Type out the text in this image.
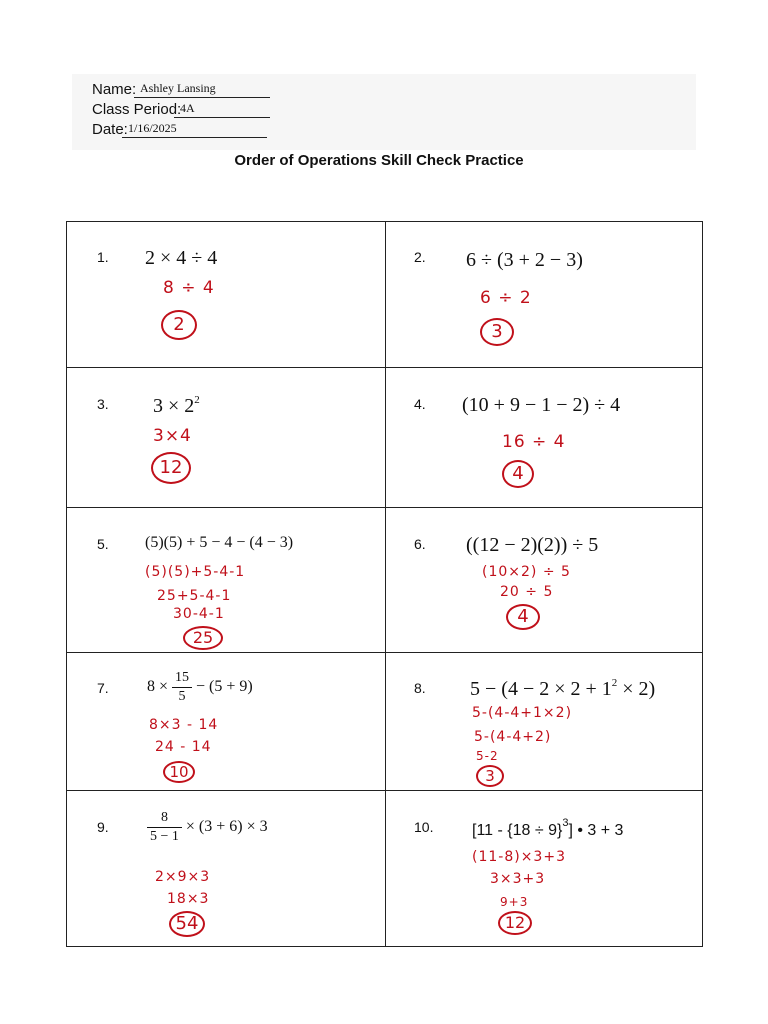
Name: Ashley Lansing
Class Period:
4A
Date: 1/16/2025
Order of Operations Skill Check Practice
1. 2 × 4 ÷ 4
8 ÷ 4
2
2. 6 ÷ (3 + 2 − 3)
6 ÷ 2
3
3. $3 \times 2^2$
3×4
12
4. (10 + 9 − 1 − 2) ÷ 4
16 ÷ 4
4
5. (5)(5) + 5 − 4 − (4 − 3)
(5)(5)+5-4-1
25+5-4-1
30-4-1
25
6. ((12 − 2)(2)) ÷ 5
(10×2) ÷ 5
20 ÷ 5
4
7. $8 \times \frac{15}{5} - (5 + 9)$
8×3 - 14
24 - 14
10
8. $5 - (4 - 2 \times 2 + 1^2 \times 2)$
5-(4-4+1×2)
5-(4-4+2)
5-2
3
9.	$\frac{8}{5 - 1} \times (3 + 6) \times 3$
2×9×3
18×3
54
10. $[11 - \{18 \div 9\}^3]$ • 3 + 3
(11-8)×3+3
3×3+3
9+3
12
